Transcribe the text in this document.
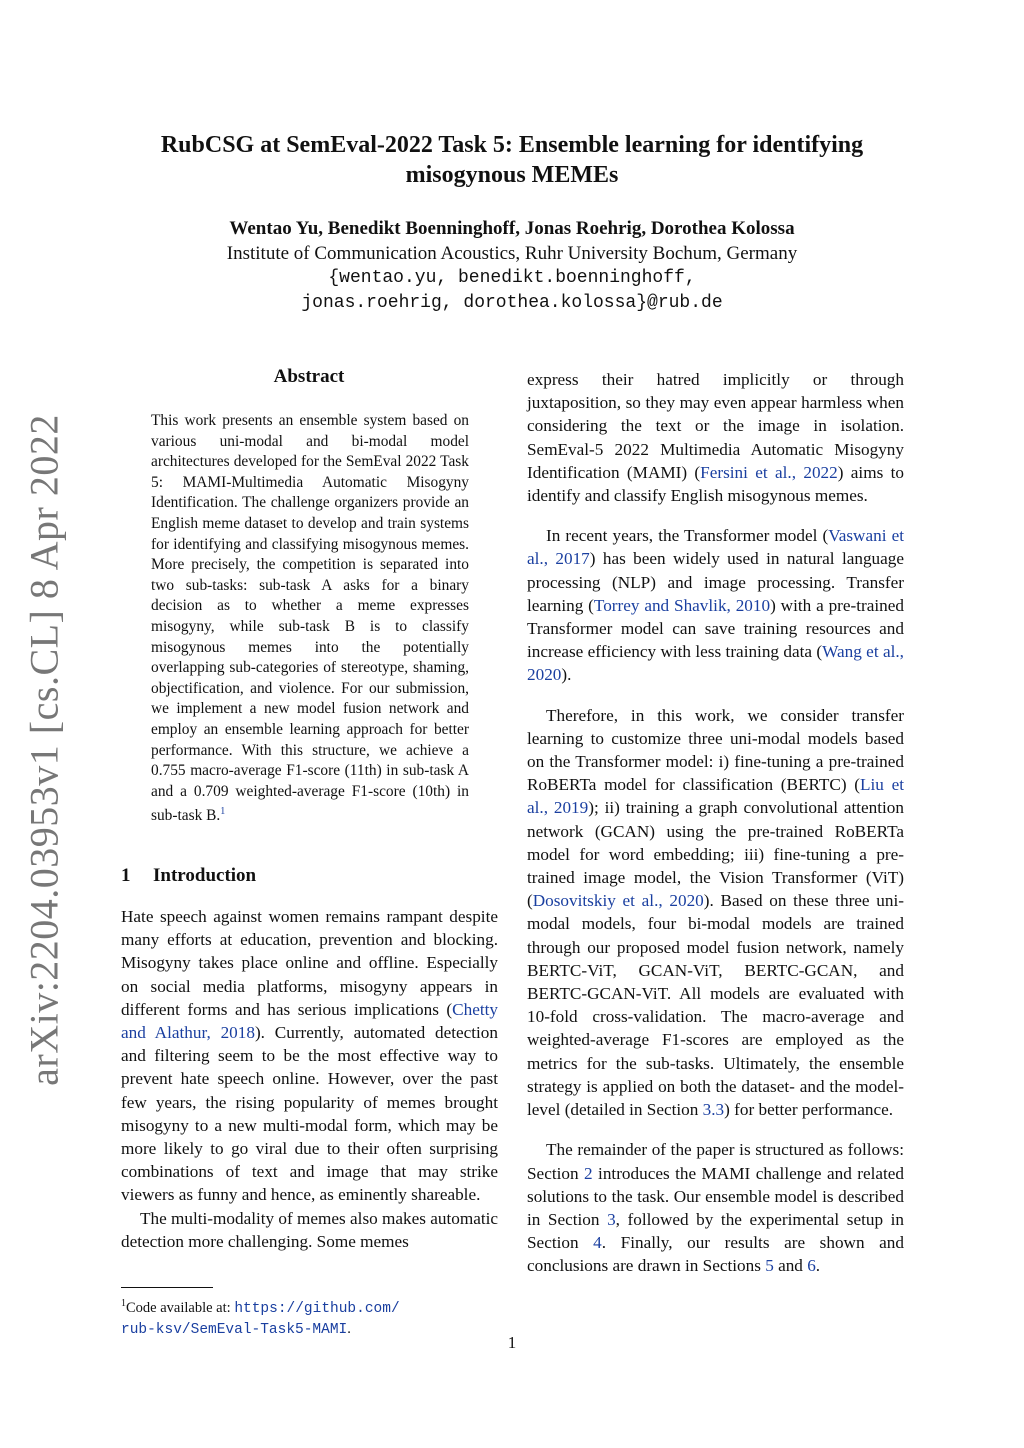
arXiv:2204.03953v1 [cs.CL] 8 Apr 2022
RubCSG at SemEval-2022 Task 5: Ensemble learning for identifying
misogynous MEMEs
Wentao Yu, Benedikt Boenninghoff, Jonas Roehrig, Dorothea Kolossa
Institute of Communication Acoustics, Ruhr University Bochum, Germany
{wentao.yu, benedikt.boenninghoff,
jonas.roehrig, dorothea.kolossa}@rub.de
Abstract
This work presents an ensemble system based on various uni-modal and bi-modal model architectures developed for the SemEval 2022 Task 5: MAMI-Multimedia Automatic Misogyny Identification. The challenge organizers provide an English meme dataset to develop and train systems for identifying and classifying misogynous memes. More precisely, the competition is separated into two sub-tasks: sub-task A asks for a binary decision as to whether a meme expresses misogyny, while sub-task B is to classify misogynous memes into the potentially overlapping sub-categories of stereotype, shaming, objectification, and violence. For our submission, we implement a new model fusion network and employ an ensemble learning approach for better performance. With this structure, we achieve a 0.755 macro-average F1-score (11th) in sub-task A and a 0.709 weighted-average F1-score (10th) in sub-task B.$^1$
1 Introduction

Hate speech against women remains rampant despite many efforts at education, prevention and blocking. Misogyny takes place online and offline. Especially on social media platforms, misogyny appears in different forms and has serious implications (Chetty and Alathur, 2018). Currently, automated detection and filtering seem to be the most effective way to prevent hate speech online. However, over the past few years, the rising popularity of memes brought misogyny to a new multi-modal form, which may be more likely to go viral due to their often surprising combinations of text and image that may strike viewers as funny and hence, as eminently shareable.

The multi-modality of memes also makes automatic detection more challenging. Some memes

express their hatred implicitly or through juxtaposition, so they may even appear harmless when considering the text or the image in isolation. SemEval-5 2022 Multimedia Automatic Misogyny Identification (MAMI) (Fersini et al., 2022) aims to identify and classify English misogynous memes.

In recent years, the Transformer model (Vaswani et al., 2017) has been widely used in natural language processing (NLP) and image processing. Transfer learning (Torrey and Shavlik, 2010) with a pre-trained Transformer model can save training resources and increase efficiency with less training data (Wang et al., 2020).

Therefore, in this work, we consider transfer learning to customize three uni-modal models based on the Transformer model: i) fine-tuning a pre-trained RoBERTa model for classification (BERTC) (Liu et al., 2019); ii) training a graph convolutional attention network (GCAN) using the pre-trained RoBERTa model for word embedding; iii) fine-tuning a pre-trained image model, the Vision Transformer (ViT) (Dosovitskiy et al., 2020). Based on these three uni-modal models, four bi-modal models are trained through our proposed model fusion network, namely BERTC-ViT, GCAN-ViT, BERTC-GCAN, and BERTC-GCAN-ViT. All models are evaluated with 10-fold cross-validation. The macro-average and weighted-average F1-scores are employed as the metrics for the sub-tasks. Ultimately, the ensemble strategy is applied on both the dataset- and the model-level (detailed in Section 3.3) for better performance.

The remainder of the paper is structured as follows: Section 2 introduces the MAMI challenge and related solutions to the task. Our ensemble model is described in Section 3, followed by the experimental setup in Section 4. Finally, our results are shown and conclusions are drawn in Sections 5 and 6.

$^1$Code available at: https://github.com/
rub-ksv/SemEval-Task5-MAMI.
1
